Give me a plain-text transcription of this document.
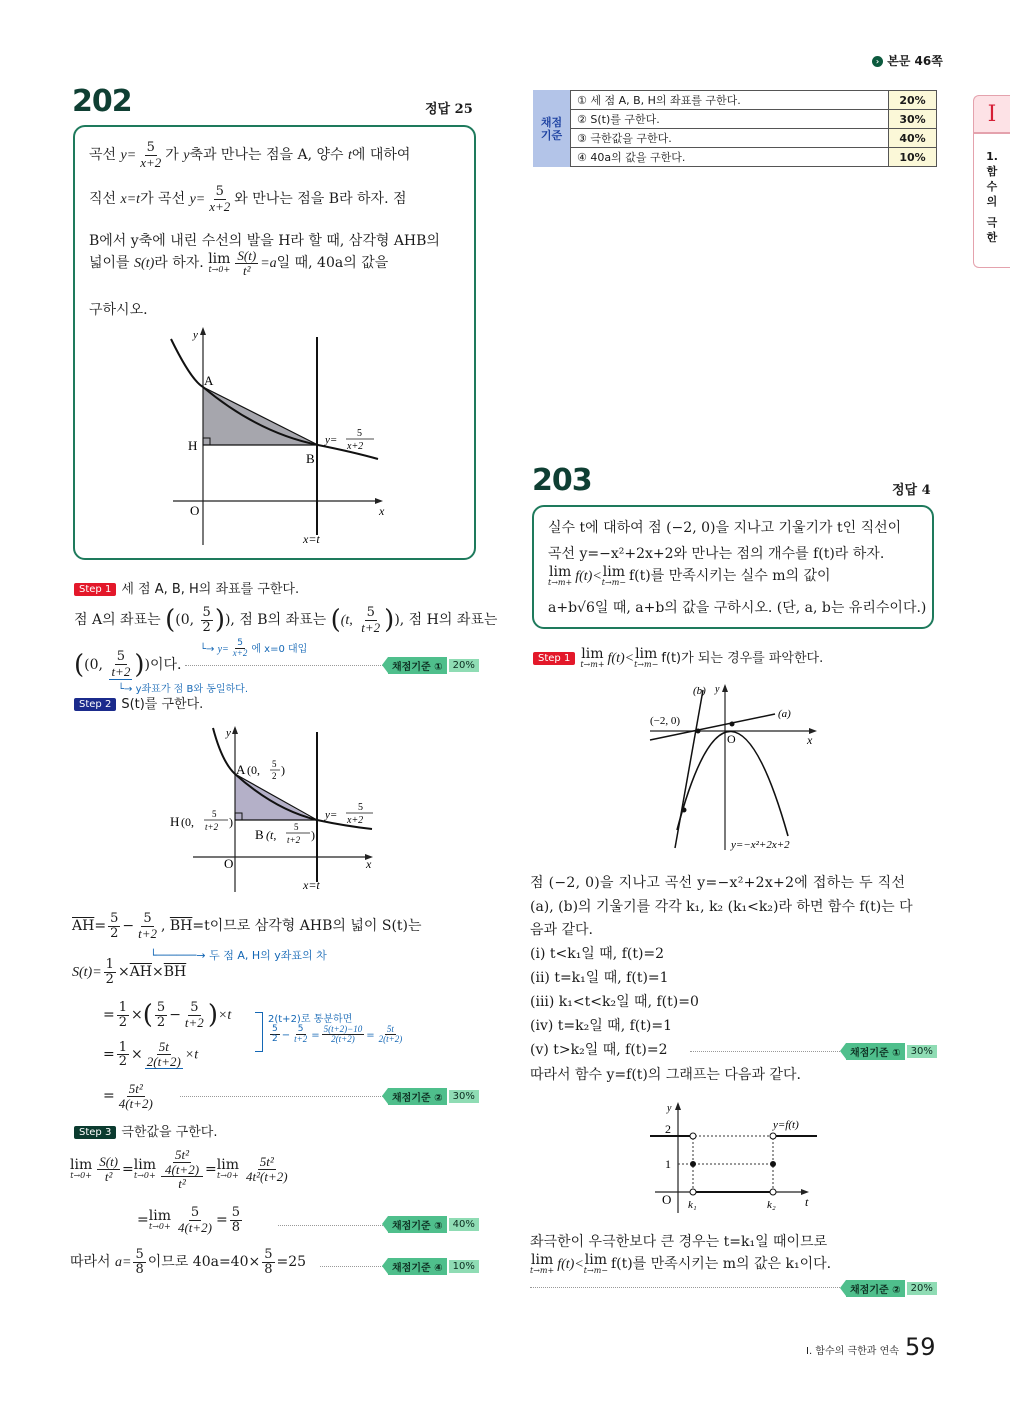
› 본문 46쪽
I
1.
함
수
의
극
한
채점
기준
① 세 점 A, B, H의 좌표를 구한다.	20%
② S(t)를 구한다.	30%
③ 극한값을 구한다.	40%
④ 40a의 값을 구한다.	10%
202	정답 25
곡선 $y= \frac{5}{x+2}$ 가 y축과 만나는 점을 A, 양수 t에 대하여
직선 x=t가 곡선 $y= \frac{5}{x+2}$ 와 만나는 점을 B라 하자. 점
B에서 y축에 내린 수선의 발을 H라 할 때, 삼각형 AHB의
넓이를 S(t)라 하자. lim
$t\to 0+ \frac{S(t)}{\text{t²}} =a$일 때, 40a의 값을
구하시오.
y
x
A
H
B
O
y=
5
x+2
x=t
Step 1 세 점 A, B, H의 좌표를 구한다.
점 A의 좌표는 ((0, $\frac{5}{2}$ )), 점 B의 좌표는 ((t, $\frac{5}{t+2}$ )), 점 H의 좌표는
└→ $y= \frac{5}{x+2}$ 에 x=0 대입
((0, $\frac{5}{t+2}$ ))이다.
└→ y좌표가 점 B와 동일하다.
채점기준 ①	20%
Step 2 S(t)를 구한다.
y
x
A (0, 5
2 )
H (0,
5
t+2 )
B (t,
5
t+2 )
O
y=
5
x+2
x=t
$\overline{AH}= \frac{5}{2} - \frac{5}{t+2}$ , $\overline{BH}=t$이므로 삼각형 AHB의 넓이 S(t)는
└──────→ 두 점 A, H의 y좌표의 차
$S(t)= \frac{1}{2} \times\overline{AH}\times\overline{BH}$
= $\frac{1}{2}$ ×( $\frac{5}{2} - \frac{5}{t+2} )\times t$	2(t+2)로 통분하면
$\frac{5}{2} - \frac{5}{t+2} = \frac{5(t+2)-10}{2(t+2)} = \frac{5t}{2(t+2)}$
= $\frac{1}{2} \times \frac{5t}{2(t+2)} \times t$
= $\frac{\text{5t²}}{4(t+2)}$	채점기준 ②	30%
Step 3 극한값을 구한다.
lim
$t\to 0+ \frac{S(t)}{\text{t²}} = \lim$
$t\to 0+ \frac{\frac{\text{5t²}}{4(t+2)}}{\text{t²}} = \lim$
$t\to 0+ \frac{\text{5t²}}{\text{4t²(t+2)}}$
= lim
$t\to 0+ \frac{5}{4(t+2)} = \frac{5}{8}$	채점기준 ③	40%
따라서 $a= \frac{5}{8}$ 이므로 $40a=40\times \frac{5}{8} =25$	채점기준 ④	10%
203	정답 4
실수 t에 대하여 점 (−2, 0)을 지나고 기울기가 t인 직선이
곡선 y=−x²+2x+2와 만나는 점의 개수를 f(t)라 하자.
lim
t→m+ f(t)< lim
t→m− f(t)를 만족시키는 실수 m의 값이
a+b√6일 때, a+b의 값을 구하시오. (단, a, b는 유리수이다.)
Step 1 lim
t→m+ f(t)< lim
t→m− f(t)가 되는 경우를 파악한다.
(b) y
(a)
(−2, 0)
O	x
y=−x²+2x+2
점 (−2, 0)을 지나고 곡선 y=−x²+2x+2에 접하는 두 직선
(a), (b)의 기울기를 각각 k₁, k₂ (k₁<k₂)라 하면 함수 f(t)는 다
음과 같다.
(i) t<k₁일 때, f(t)=2
(ii) t=k₁일 때, f(t)=1
(iii) k₁<t<k₂일 때, f(t)=0
(iv) t=k₂일 때, f(t)=1
(v) t>k₂일 때, f(t)=2	채점기준 ①	30%
따라서 함수 y=f(t)의 그래프는 다음과 같다.
y
2
1
O k₁	k₂ t
y=f(t)
좌극한이 우극한보다 큰 경우는 t=k₁일 때이므로
lim
t→m+ f(t)< lim
t→m− f(t)를 만족시키는 m의 값은 k₁이다.
채점기준 ②	20%
I. 함수의 극한과 연속 59
